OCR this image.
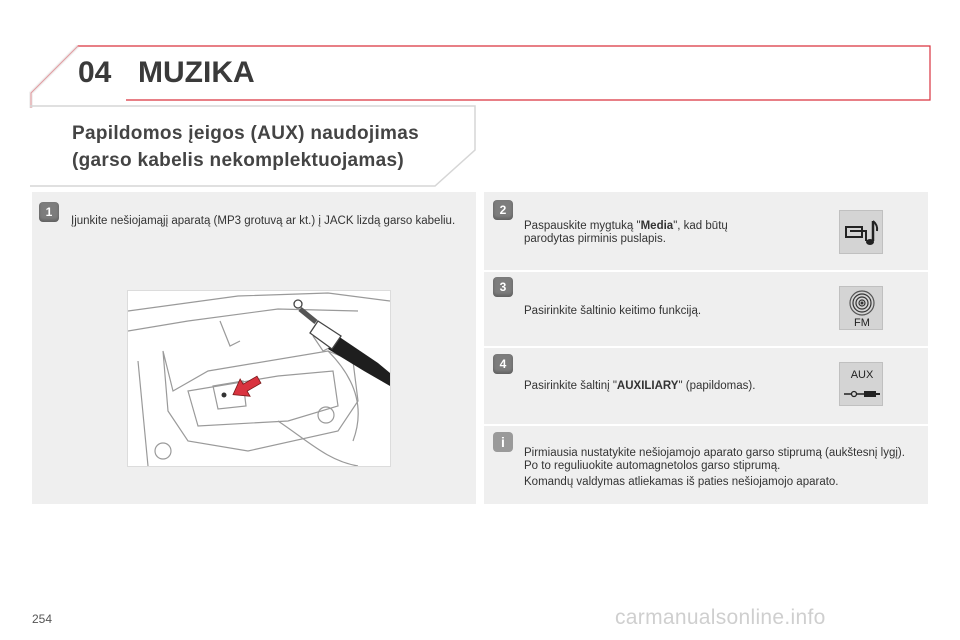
04 MUZIKA
Papildomos įeigos (AUX) naudojimas
(garso kabelis nekomplektuojamas)
1
Įjunkite nešiojamąjį aparatą (MP3 grotuvą ar kt.) į JACK lizdą garso kabeliu.
2
Paspauskite mygtuką "Media", kad būtų parodytas pirminis puslapis.
3
Pasirinkite šaltinio keitimo funkciją.
FM
4
Pasirinkite šaltinį "AUXILIARY" (papildomas).
AUX
i
Pirmiausia nustatykite nešiojamojo aparato garso stiprumą (aukštesnį lygį). Po to reguliuokite automagnetolos garso stiprumą.
Komandų valdymas atliekamas iš paties nešiojamojo aparato.
254	carmanualsonline.info
